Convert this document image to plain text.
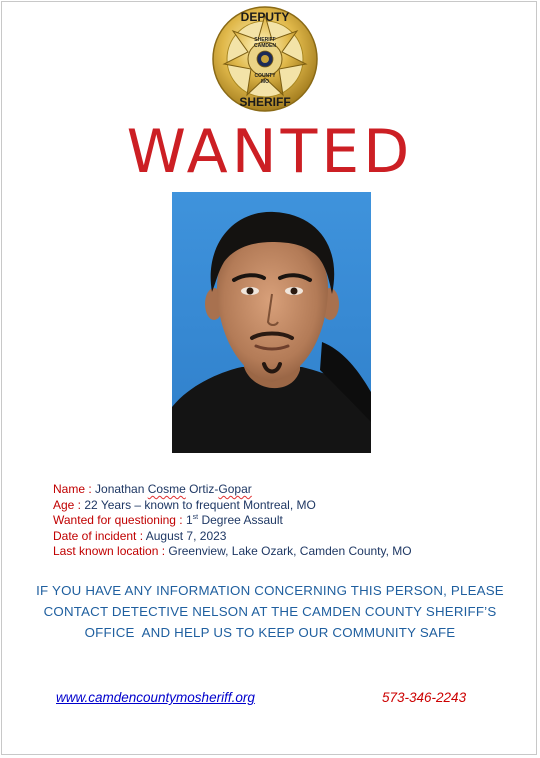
DEPUTY
SHERIFF
SHERIFF
CAMDEN
COUNTY
MO
WANTED
Name : Jonathan Cosme Ortiz-Gopar
Age : 22 Years – known to frequent Montreal, MO
Wanted for questioning : 1st Degree Assault
Date of incident : August 7, 2023
Last known location : Greenview, Lake Ozark, Camden County, MO
IF YOU HAVE ANY INFORMATION CONCERNING THIS PERSON, PLEASE
CONTACT DETECTIVE NELSON AT THE CAMDEN COUNTY SHERIFF’S
OFFICE  AND HELP US TO KEEP OUR COMMUNITY SAFE
www.camdencountymosheriff.org	573-346-2243
